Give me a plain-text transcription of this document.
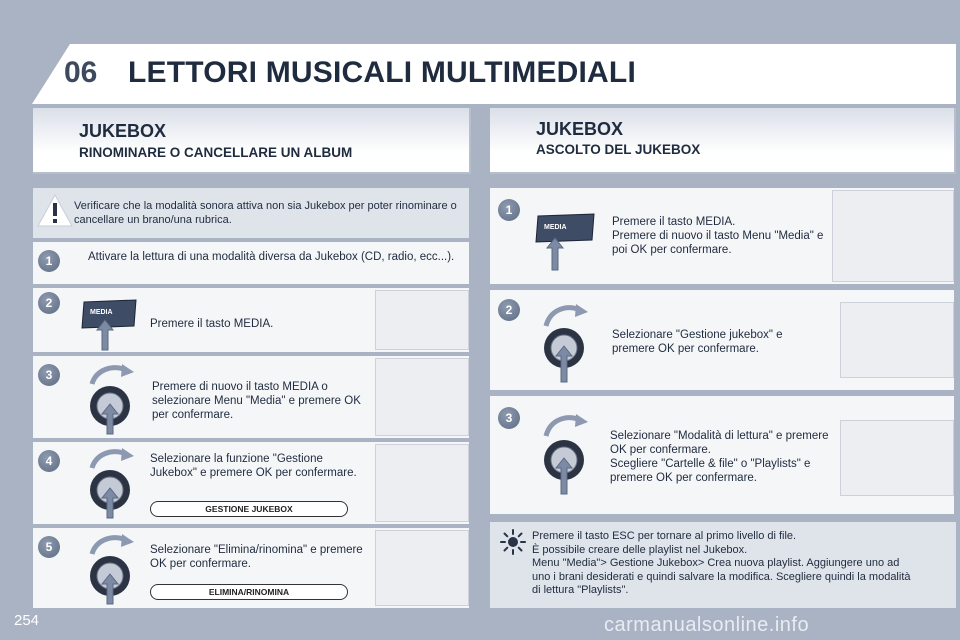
06 LETTORI MUSICALI MULTIMEDIALI
JUKEBOX
RINOMINARE O CANCELLARE UN ALBUM
JUKEBOX
ASCOLTO DEL JUKEBOX
Verificare che la modalità sonora attiva non sia Jukebox per poter rinominare o cancellare un brano/una rubrica.
1	Attivare la lettura di una modalità diversa da Jukebox (CD, radio, ecc...).
2
MEDIA
Premere il tasto MEDIA.
3
Premere di nuovo il tasto MEDIA o selezionare Menu "Media" e premere OK per confermare.
4	Selezionare la funzione "Gestione Jukebox" e premere OK per confermare.
GESTIONE JUKEBOX
5	Selezionare "Elimina/rinomina" e premere OK per confermare.
ELIMINA/RINOMINA
1
MEDIA	Premere il tasto MEDIA.
Premere di nuovo il tasto Menu "Media" e poi OK per confermare.
2
Selezionare "Gestione jukebox" e premere OK per confermare.
3
Selezionare "Modalità di lettura" e premere OK per confermare.
Scegliere "Cartelle & file" o "Playlists" e premere OK per confermare.
Premere il tasto ESC per tornare al primo livello di file.
È possibile creare delle playlist nel Jukebox.
Menu "Media"> Gestione Jukebox> Crea nuova playlist. Aggiungere uno ad uno i brani desiderati e quindi salvare la modifica. Scegliere quindi la modalità di lettura "Playlists".
254	carmanualsonline.info
